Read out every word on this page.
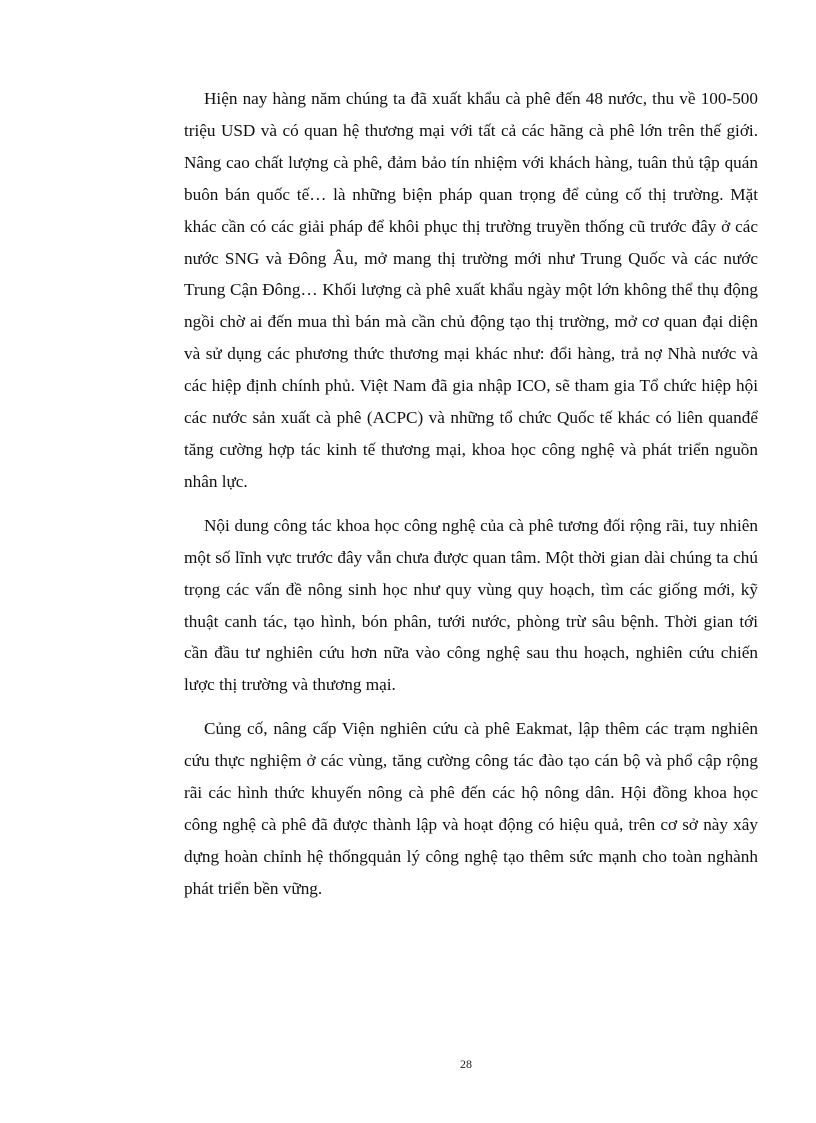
Hiện nay hàng năm chúng ta đã xuất khẩu cà phê đến 48 nước, thu về 100-500 triệu USD và có quan hệ thương mại với tất cả các hãng cà phê lớn trên thế giới. Nâng cao chất lượng cà phê, đảm bảo tín nhiệm với khách hàng, tuân thủ tập quán buôn bán quốc tế… là những biện pháp quan trọng để củng cố thị trường. Mặt khác cần có các giải pháp để khôi phục thị trường truyền thống cũ trước đây ở các nước SNG và Đông Âu, mở mang thị trường mới như Trung Quốc và các nước Trung Cận Đông… Khối lượng cà phê xuất khẩu ngày một lớn không thể thụ động ngồi chờ ai đến mua thì bán mà cần chủ động tạo thị trường, mở cơ quan đại diện và sử dụng các phương thức thương mại khác như: đổi hàng, trả nợ Nhà nước và các hiệp định chính phủ. Việt Nam đã gia nhập ICO, sẽ tham gia Tổ chức hiệp hội các nước sản xuất cà phê (ACPC) và những tổ chức Quốc tế khác có liên quanđể tăng cường hợp tác kinh tế thương mại, khoa học công nghệ và phát triển nguồn nhân lực.

Nội dung công tác khoa học công nghệ của cà phê tương đối rộng rãi, tuy nhiên một số lĩnh vực trước đây vẫn chưa được quan tâm. Một thời gian dài chúng ta chú trọng các vấn đề nông sinh học như quy vùng quy hoạch, tìm các giống mới, kỹ thuật canh tác, tạo hình, bón phân, tưới nước, phòng trừ sâu bệnh. Thời gian tới cần đầu tư nghiên cứu hơn nữa vào công nghệ sau thu hoạch, nghiên cứu chiến lược thị trường và thương mại.

Củng cố, nâng cấp Viện nghiên cứu cà phê Eakmat, lập thêm các trạm nghiên cứu thực nghiệm ở các vùng, tăng cường công tác đào tạo cán bộ và phổ cập rộng rãi các hình thức khuyến nông cà phê đến các hộ nông dân. Hội đồng khoa học công nghệ cà phê đã được thành lập và hoạt động có hiệu quả, trên cơ sở này xây dựng hoàn chỉnh hệ thốngquản lý công nghệ tạo thêm sức mạnh cho toàn nghành phát triển bền vững.

28
